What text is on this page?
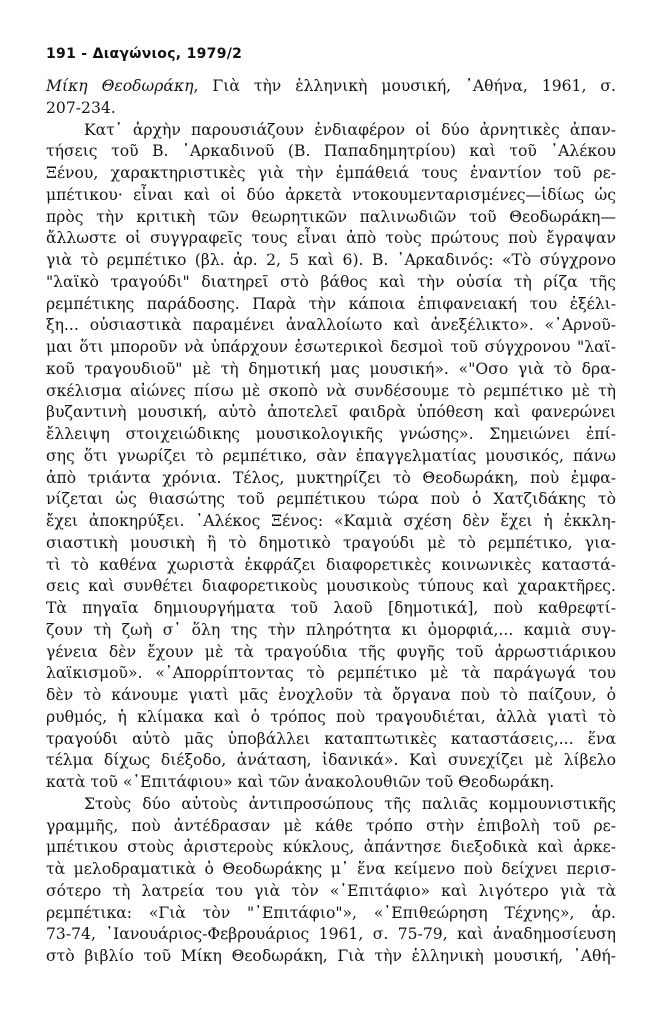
191 - Διαγώνιος, 1979/2
Μίκη Θεοδωράκη, Γιὰ τὴν ἑλληνικὴ μουσική, ᾿Αθήνα, 1961, σ.
207-234.
Κατ᾿ ἀρχὴν παρουσιάζουν ἐνδιαφέρον οἱ δύο ἀρνητικὲς ἀπαν-
τήσεις τοῦ Β. ᾿Αρκαδινοῦ (Β. Παπαδημητρίου) καὶ τοῦ ᾿Αλέκου
Ξένου, χαρακτηριστικὲς γιὰ τὴν ἐμπάθειά τους ἐναντίον τοῦ ρε-
μπέτικου· εἶναι καὶ οἱ δύο ἀρκετὰ ντοκουμενταρισμένες—ἰδίως ὡς
πρὸς τὴν κριτικὴ τῶν θεωρητικῶν παλινωδιῶν τοῦ Θεοδωράκη—
ἄλλωστε οἱ συγγραφεῖς τους εἶναι ἀπὸ τοὺς πρώτους ποὺ ἔγραψαν
γιὰ τὸ ρεμπέτικο (βλ. ἀρ. 2, 5 καὶ 6). Β. ᾿Αρκαδινός: «Τὸ σύγχρονο
"λαϊκὸ τραγούδι" διατηρεῖ στὸ βάθος καὶ τὴν οὐσία τὴ ρίζα τῆς
ρεμπέτικης παράδοσης. Παρὰ τὴν κάποια ἐπιφανειακή του ἐξέλι-
ξη... οὐσιαστικὰ παραμένει ἀναλλοίωτο καὶ ἀνεξέλικτο». «᾿Αρνοῦ-
μαι ὅτι μποροῦν νὰ ὑπάρχουν ἐσωτερικοὶ δεσμοὶ τοῦ σύγχρονου "λαϊ-
κοῦ τραγουδιοῦ" μὲ τὴ δημοτική μας μουσική». «"Οσο γιὰ τὸ δρα-
σκέλισμα αἰώνες πίσω μὲ σκοπὸ νὰ συνδέσουμε τὸ ρεμπέτικο μὲ τὴ
βυζαντινὴ μουσική, αὐτὸ ἀποτελεῖ φαιδρὰ ὑπόθεση καὶ φανερώνει
ἔλλειψη στοιχειώδικης μουσικολογικῆς γνώσης». Σημειώνει ἐπί-
σης ὅτι γνωρίζει τὸ ρεμπέτικο, σὰν ἐπαγγελματίας μουσικός, πάνω
ἀπὸ τριάντα χρόνια. Τέλος, μυκτηρίζει τὸ Θεοδωράκη, ποὺ ἐμφα-
νίζεται ὡς θιασώτης τοῦ ρεμπέτικου τώρα ποὺ ὁ Χατζιδάκης τὸ
ἔχει ἀποκηρύξει. ᾿Αλέκος Ξένος: «Καμιὰ σχέση δὲν ἔχει ἡ ἐκκλη-
σιαστικὴ μουσικὴ ἢ τὸ δημοτικὸ τραγούδι μὲ τὸ ρεμπέτικο, για-
τὶ τὸ καθένα χωριστὰ ἐκφράζει διαφορετικὲς κοινωνικὲς καταστά-
σεις καὶ συνθέτει διαφορετικοὺς μουσικοὺς τύπους καὶ χαρακτῆρες.
Τὰ πηγαῖα δημιουργήματα τοῦ λαοῦ [δημοτικά], ποὺ καθρεφτί-
ζουν τὴ ζωὴ σ᾿ ὅλη της τὴν πληρότητα κι ὀμορφιά,... καμιὰ συγ-
γένεια δὲν ἔχουν μὲ τὰ τραγούδια τῆς φυγῆς τοῦ ἀρρωστιάρικου
λαϊκισμοῦ». «᾿Απορρίπτοντας τὸ ρεμπέτικο μὲ τὰ παράγωγά του
δὲν τὸ κάνουμε γιατὶ μᾶς ἐνοχλοῦν τὰ ὄργανα ποὺ τὸ παίζουν, ὁ
ρυθμός, ἡ κλίμακα καὶ ὁ τρόπος ποὺ τραγουδιέται, ἀλλὰ γιατὶ τὸ
τραγούδι αὐτὸ μᾶς ὑποβάλλει καταπτωτικὲς καταστάσεις,... ἕνα
τέλμα δίχως διέξοδο, ἀνάταση, ἰδανικά». Καὶ συνεχίζει μὲ λίβελο
κατὰ τοῦ «᾿Επιτάφιου» καὶ τῶν ἀνακολουθιῶν τοῦ Θεοδωράκη.
Στοὺς δύο αὐτοὺς ἀντιπροσώπους τῆς παλιᾶς κομμουνιστικῆς
γραμμῆς, ποὺ ἀντέδρασαν μὲ κάθε τρόπο στὴν ἐπιβολὴ τοῦ ρε-
μπέτικου στοὺς ἀριστεροὺς κύκλους, ἀπάντησε διεξοδικὰ καὶ ἀρκε-
τὰ μελοδραματικὰ ὁ Θεοδωράκης μ᾿ ἕνα κείμενο ποὺ δείχνει περισ-
σότερο τὴ λατρεία του γιὰ τὸν «᾿Επιτάφιο» καὶ λιγότερο γιὰ τὰ
ρεμπέτικα: «Γιὰ τὸν "᾿Επιτάφιο"», «᾿Επιθεώρηση Τέχνης», ἀρ.
73-74, ᾿Ιανουάριος-Φεβρουάριος 1961, σ. 75-79, καὶ ἀναδημοσίευση
στὸ βιβλίο τοῦ Μίκη Θεοδωράκη, Γιὰ τὴν ἑλληνικὴ μουσική, ᾿Αθή-
